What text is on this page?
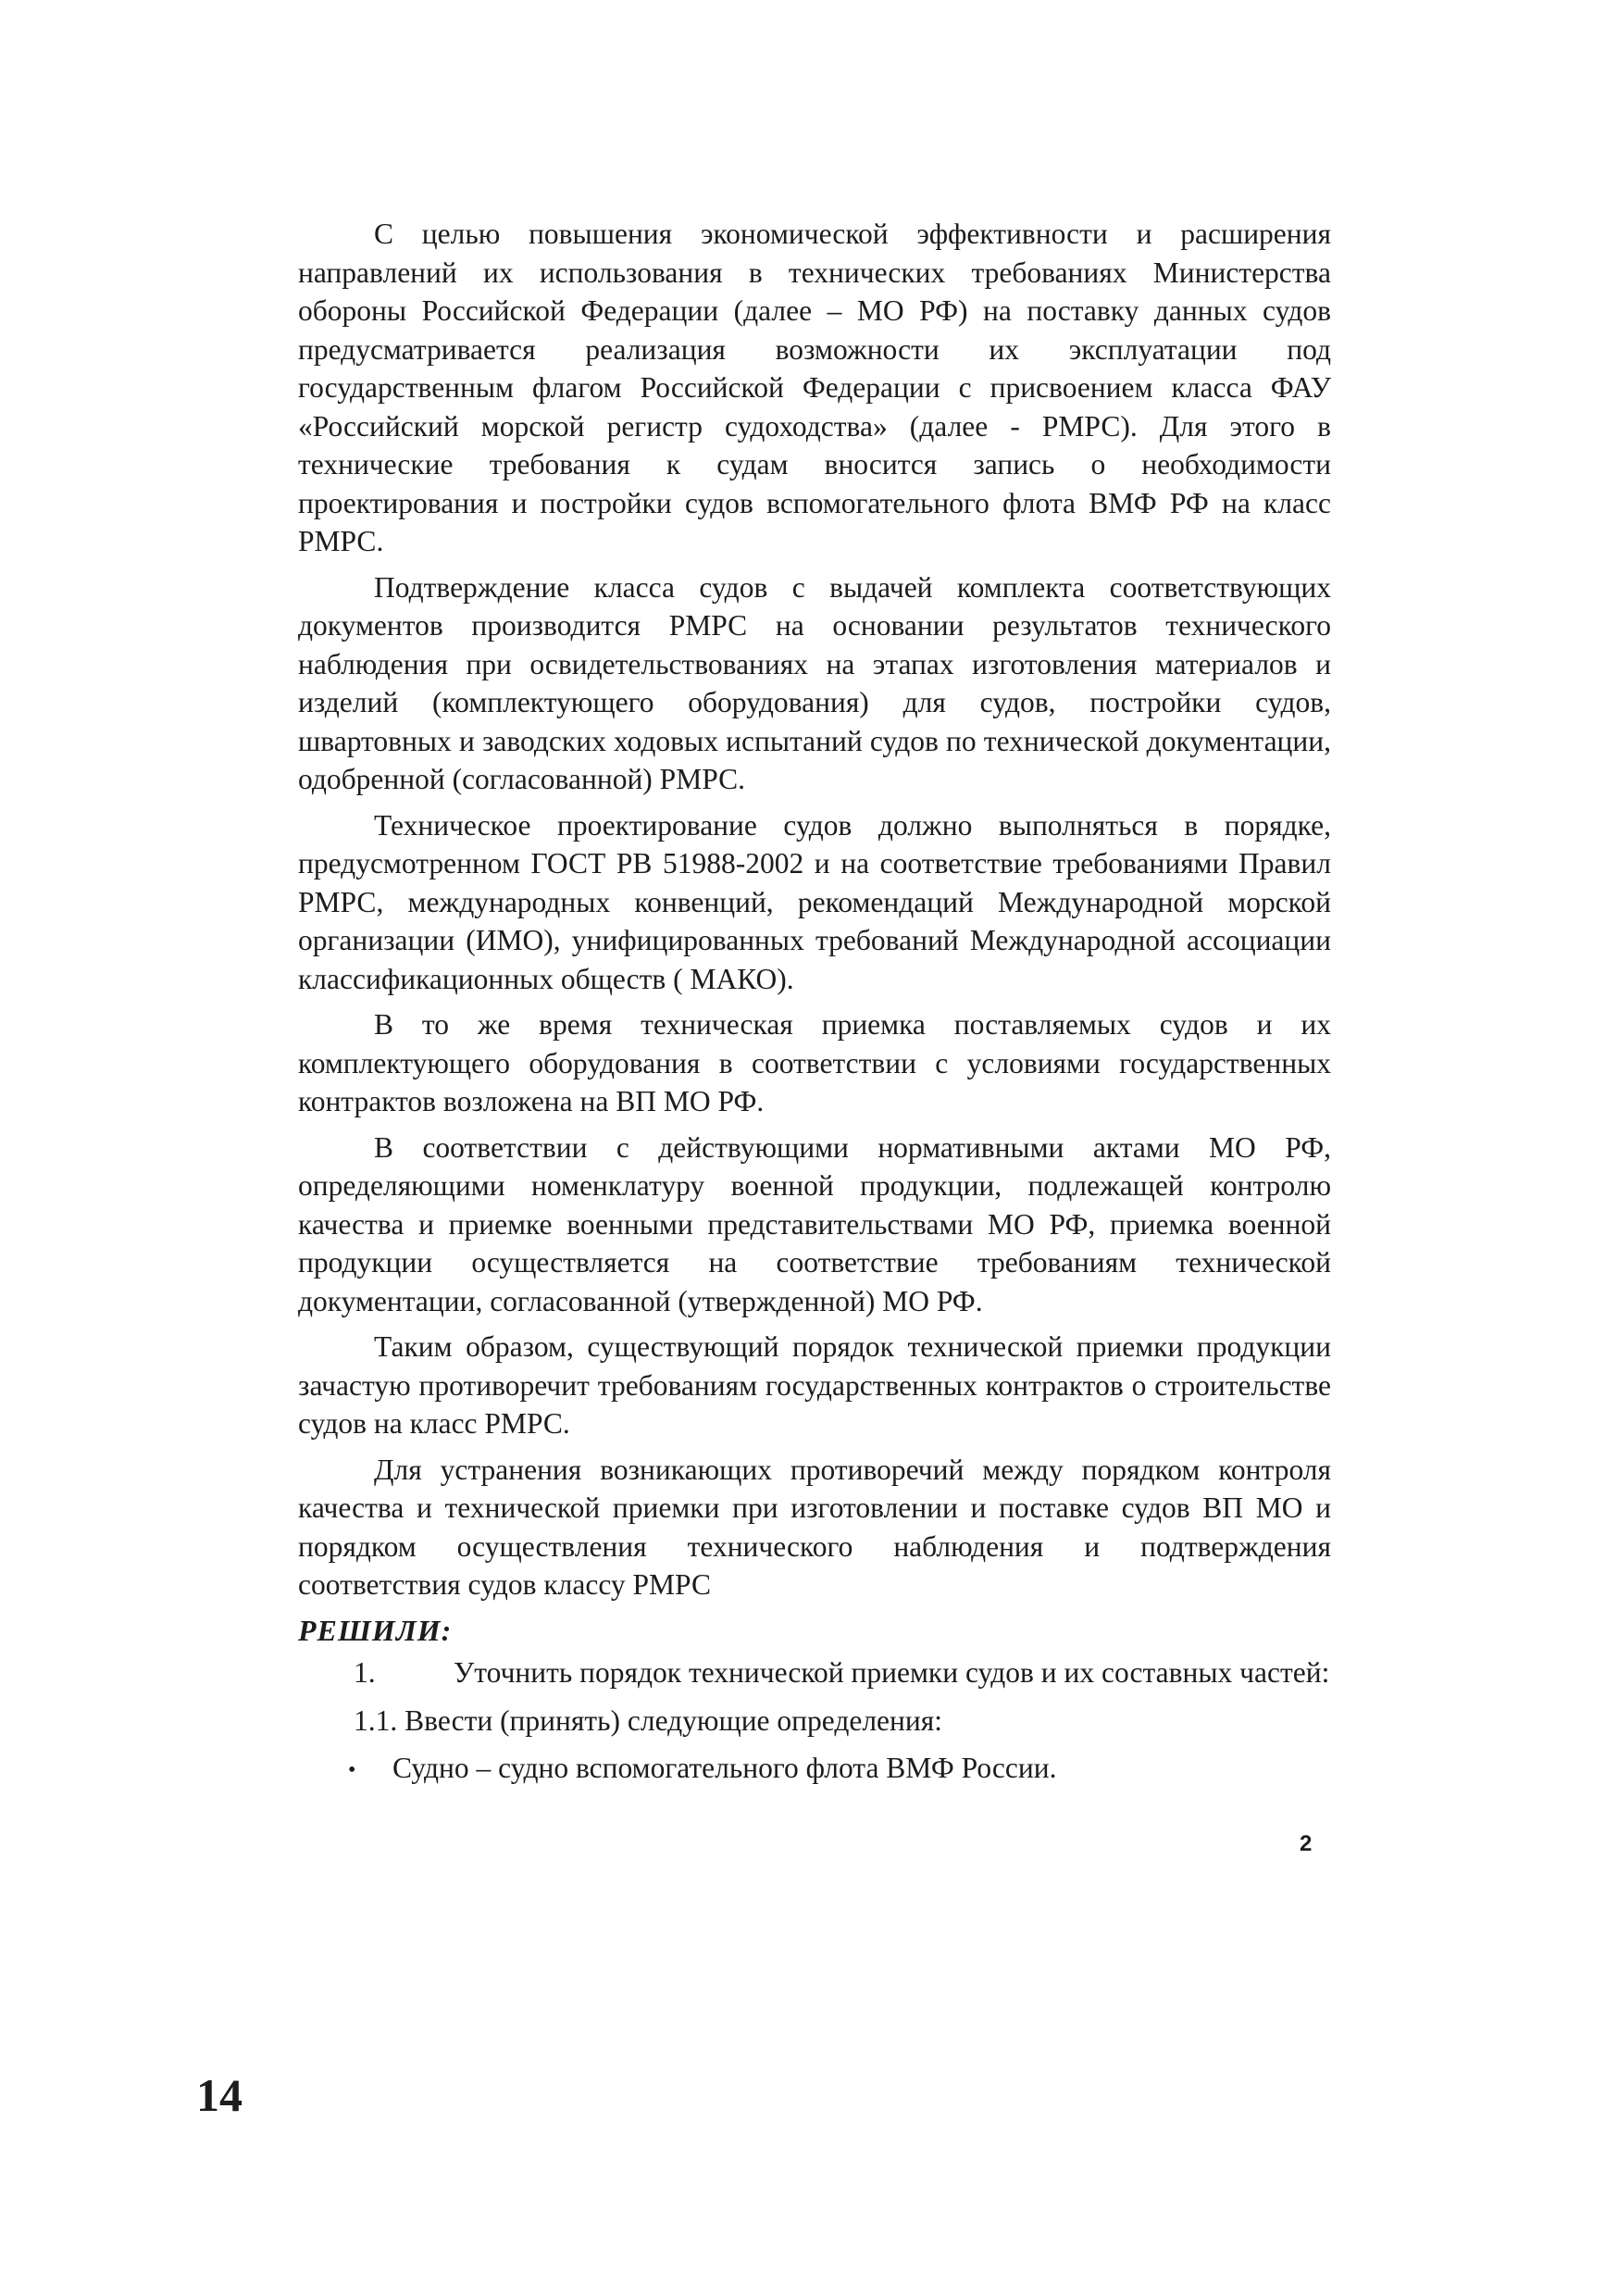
С целью повышения экономической эффективности и расширения направлений их использования в технических требованиях Министерства обороны Российской Федерации (далее – МО РФ) на поставку данных судов предусматривается реализация возможности их эксплуатации под государственным флагом Российской Федерации с присвоением класса ФАУ «Российский морской регистр судоходства» (далее - РМРС). Для этого в технические требования к судам вносится запись о необходимости проектирования и постройки судов вспомогательного флота ВМФ РФ на класс РМРС.

Подтверждение класса судов с выдачей комплекта соответствующих документов производится РМРС на основании результатов технического наблюдения при освидетельствованиях на этапах изготовления материалов и изделий (комплектующего оборудования) для судов, постройки судов, швартовных и заводских ходовых испытаний судов по технической документации, одобренной (согласованной) РМРС.

Техническое проектирование судов должно выполняться в порядке, предусмотренном ГОСТ РВ 51988-2002 и на соответствие требованиями Правил РМРС, международных конвенций, рекомендаций Международной морской организации (ИМО), унифицированных требований Международной ассоциации классификационных обществ ( МАКО).

В то же время техническая приемка поставляемых судов и их комплектующего оборудования в соответствии с условиями государственных контрактов возложена на ВП МО РФ.

В соответствии с действующими нормативными актами МО РФ, определяющими номенклатуру военной продукции, подлежащей контролю качества и приемке военными представительствами МО РФ, приемка военной продукции осуществляется на соответствие требованиям технической документации, согласованной (утвержденной) МО РФ.

Таким образом, существующий порядок технической приемки продукции зачастую противоречит требованиям государственных контрактов о строительстве судов на класс РМРС.

Для устранения возникающих противоречий между порядком контроля качества и технической приемки при изготовлении и поставке судов ВП МО и порядком осуществления технического наблюдения и подтверждения соответствия судов классу РМРС

РЕШИЛИ:
1.	Уточнить порядок технической приемки судов и их составных частей:
1.1. Ввести (принять) следующие определения:
• Судно – судно вспомогательного флота ВМФ России.
2
14
